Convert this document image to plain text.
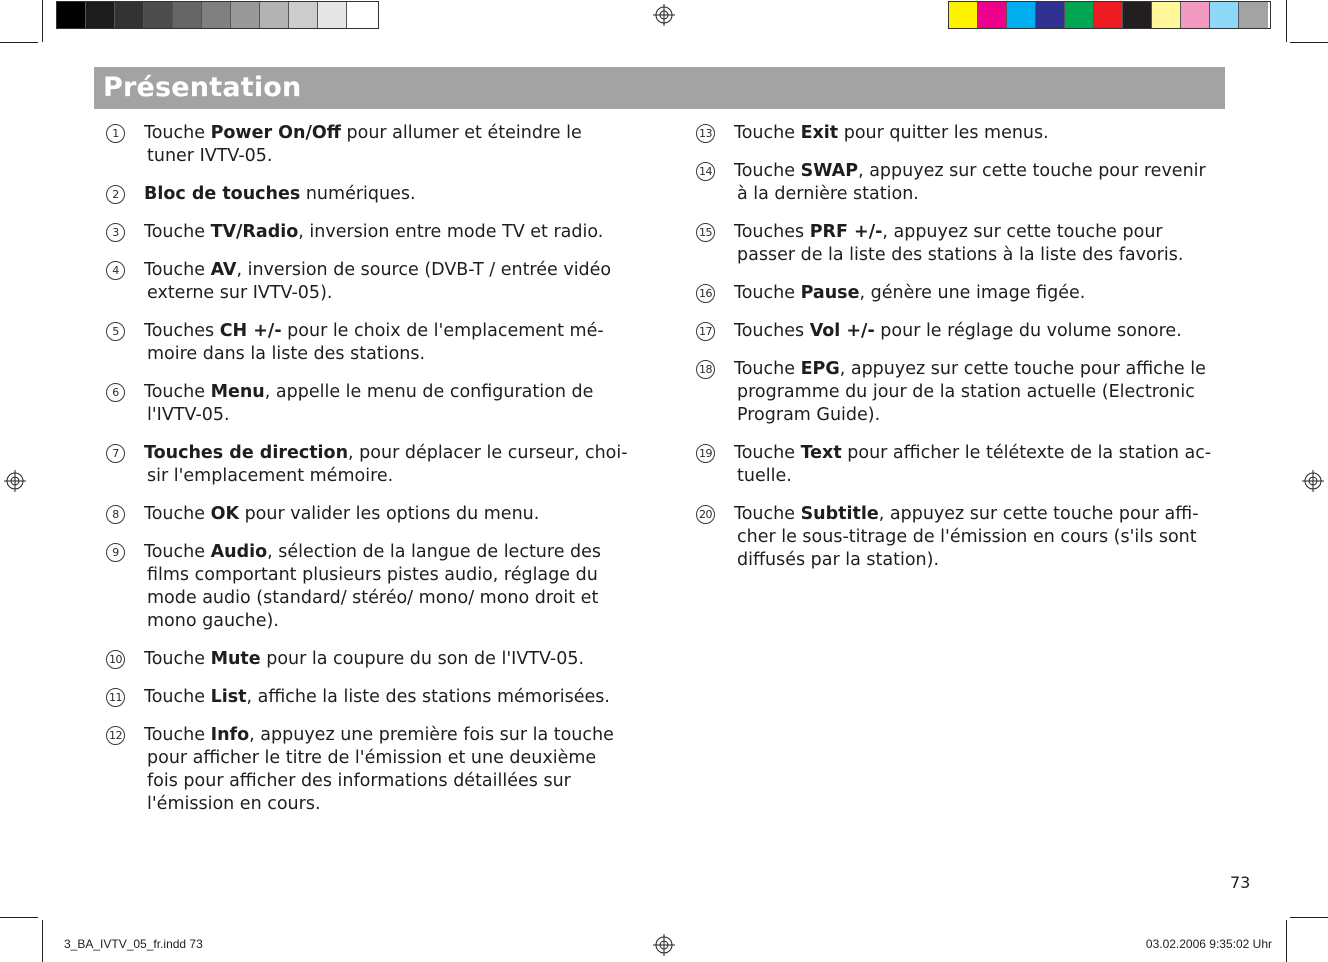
Présentation
1	Touche Power On/Off pour allumer et éteindre le
tuner IVTV-05.
2	Bloc de touches numériques.
3	Touche TV/Radio, inversion entre mode TV et radio.
4	Touche AV, inversion de source (DVB-T / entrée vidéo
externe sur IVTV-05).
5	Touches CH +/- pour le choix de l'emplacement mé-
moire dans la liste des stations.
6	Touche Menu, appelle le menu de configuration de
l'IVTV-05.
7	Touches de direction, pour déplacer le curseur, choi-
sir l'emplacement mémoire.
8	Touche OK pour valider les options du menu.
9	Touche Audio, sélection de la langue de lecture des
films comportant plusieurs pistes audio, réglage du
mode audio (standard/ stéréo/ mono/ mono droit et
mono gauche).
10 Touche Mute pour la coupure du son de l'IVTV-05.
11 Touche List, affiche la liste des stations mémorisées.
12 Touche Info, appuyez une première fois sur la touche
pour afficher le titre de l'émission et une deuxième
fois pour afficher des informations détaillées sur
l'émission en cours.
13 Touche Exit pour quitter les menus.
14 Touche SWAP, appuyez sur cette touche pour revenir
à la dernière station.
15 Touches PRF +/-, appuyez sur cette touche pour
passer de la liste des stations à la liste des favoris.
16 Touche Pause, génère une image figée.
17 Touches Vol +/- pour le réglage du volume sonore.
18 Touche EPG, appuyez sur cette touche pour affiche le
programme du jour de la station actuelle (Electronic
Program Guide).
19 Touche Text pour afficher le télétexte de la station ac-
tuelle.
20 Touche Subtitle, appuyez sur cette touche pour affi-
cher le sous-titrage de l'émission en cours (s'ils sont
diffusés par la station).
73
3_BA_IVTV_05_fr.indd 73	03.02.2006 9:35:02 Uhr
